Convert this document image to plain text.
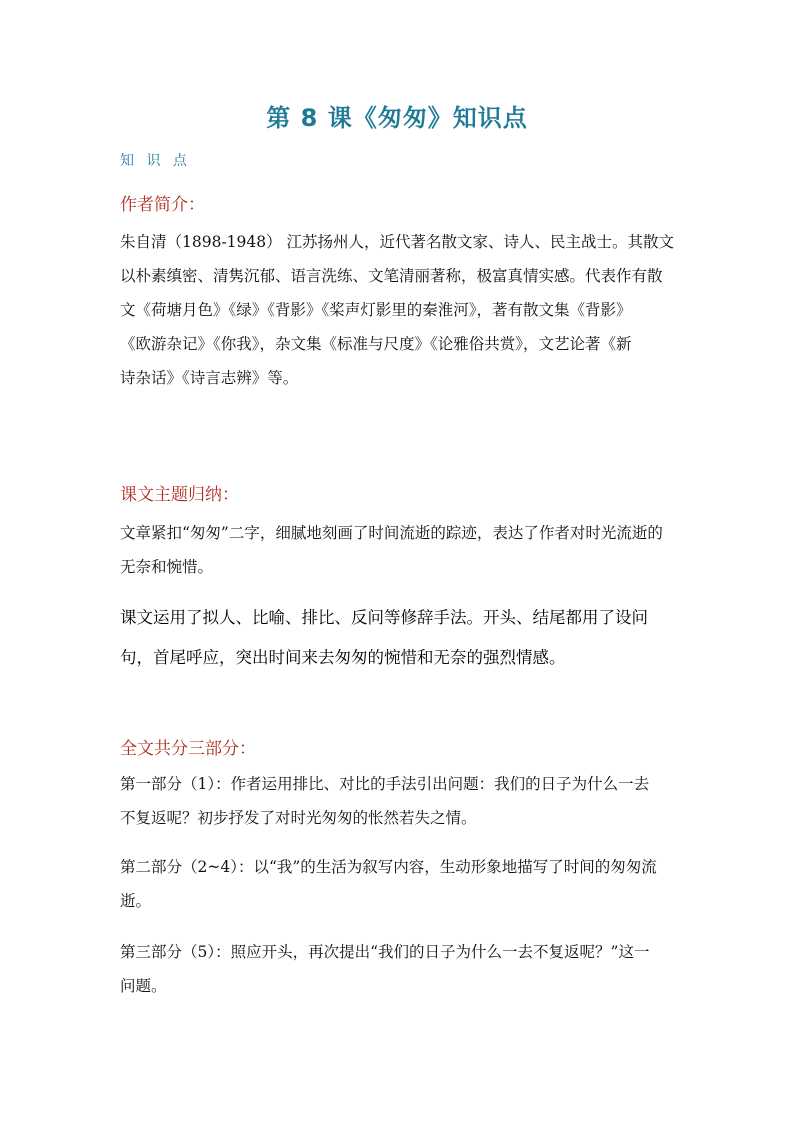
第 8 课《匆匆》知识点
知 识 点
作者简介：
朱自清（1898-1948） 江苏扬州人，近代著名散文家、诗人、民主战士。其散文
以朴素缜密、清隽沉郁、语言洗练、文笔清丽著称，极富真情实感。代表作有散
文《荷塘月色》《绿》《背影》《桨声灯影里的秦淮河》，著有散文集《背影》
《欧游杂记》《你我》，杂文集《标准与尺度》《论雅俗共赏》，文艺论著《新
诗杂话》《诗言志辨》等。
课文主题归纳：
文章紧扣“匆匆”二字，细腻地刻画了时间流逝的踪迹，表达了作者对时光流逝的
无奈和惋惜。
课文运用了拟人、比喻、排比、反问等修辞手法。开头、结尾都用了设问
句，首尾呼应，突出时间来去匆匆的惋惜和无奈的强烈情感。
全文共分三部分：
第一部分（1）：作者运用排比、对比的手法引出问题：我们的日子为什么一去
不复返呢？初步抒发了对时光匆匆的怅然若失之情。
第二部分（2~4）：以“我”的生活为叙写内容，生动形象地描写了时间的匆匆流
逝。
第三部分（5）：照应开头，再次提出“我们的日子为什么一去不复返呢？”这一
问题。
